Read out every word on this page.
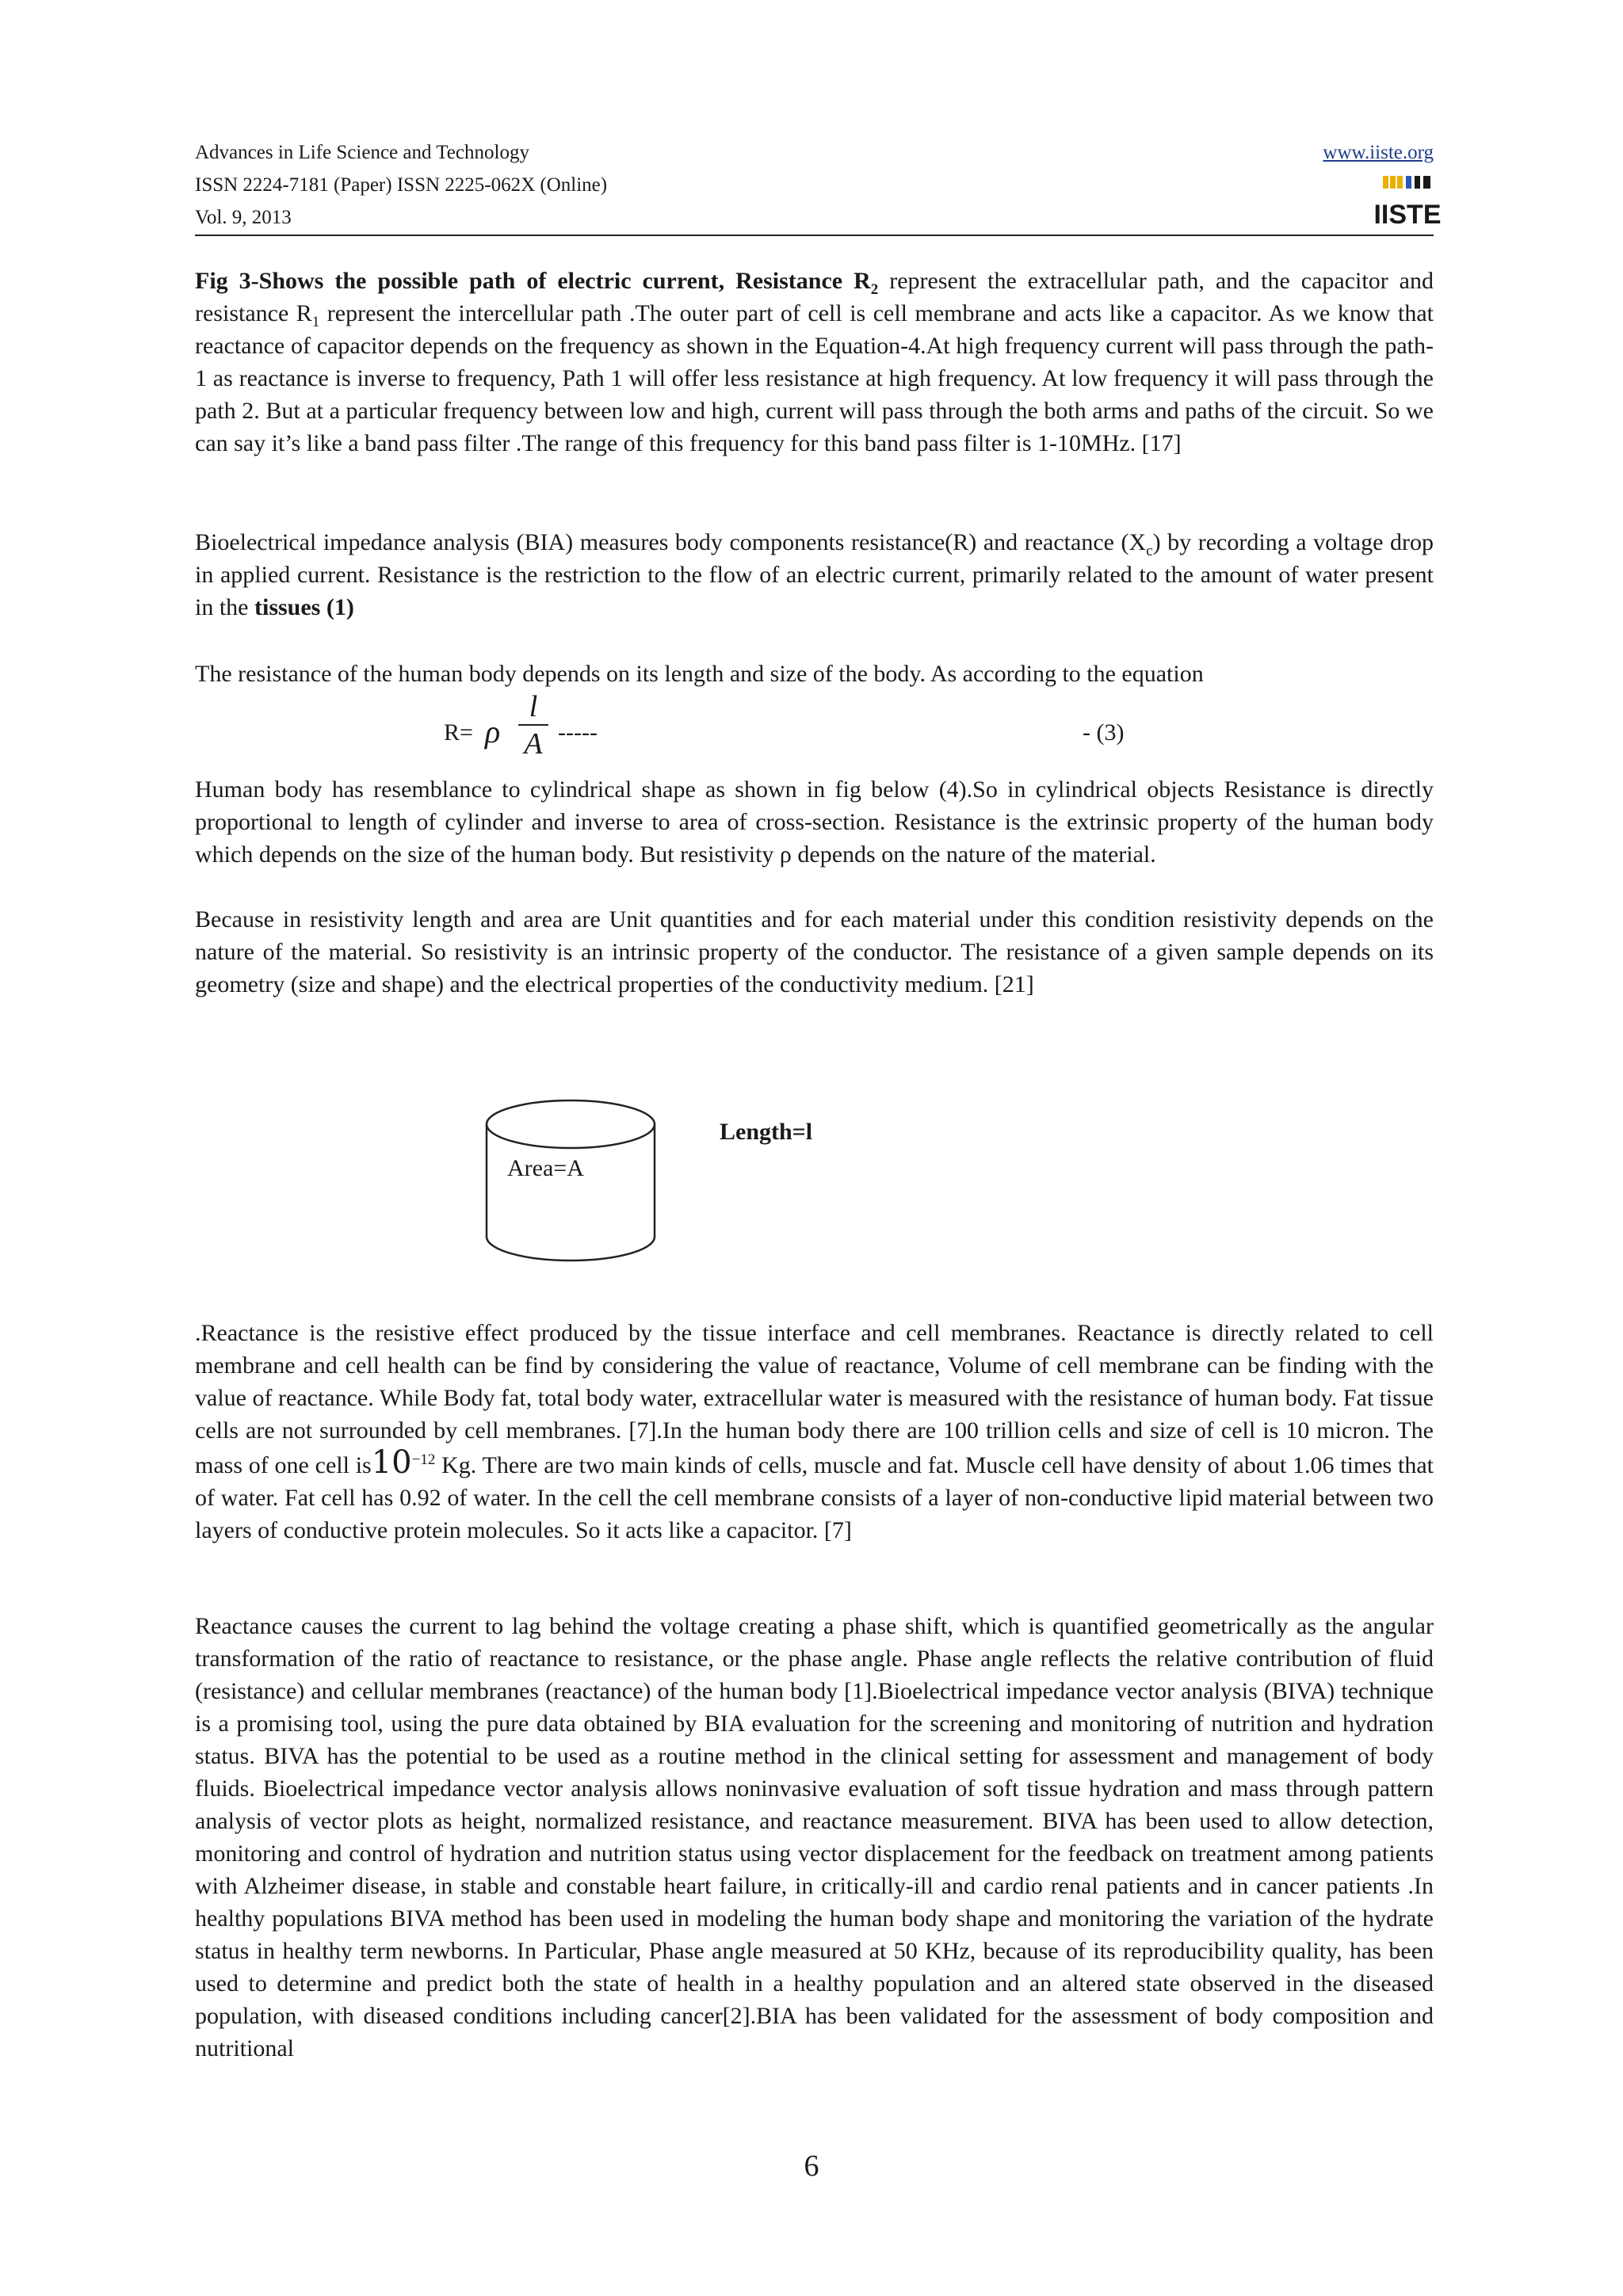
Advances in Life Science and Technology
ISSN 2224-7181 (Paper) ISSN 2225-062X (Online)
Vol. 9, 2013
www.iiste.org
IISTE
Fig 3-Shows the possible path of electric current, Resistance $R_2$ represent the extracellular path, and the capacitor and resistance $R_1$ represent the intercellular path .The outer part of cell is cell membrane and acts like a capacitor. As we know that reactance of capacitor depends on the frequency as shown in the Equation-4.At high frequency current will pass through the path-1 as reactance is inverse to frequency, Path 1 will offer less resistance at high frequency. At low frequency it will pass through the path 2. But at a particular frequency between low and high, current will pass through the both arms and paths of the circuit. So we can say it’s like a band pass filter .The range of this frequency for this band pass filter is 1-10MHz. [17]
Bioelectrical impedance analysis (BIA) measures body components resistance(R) and reactance $(X_c)$ by recording a voltage drop in applied current. Resistance is the restriction to the flow of an electric current, primarily related to the amount of water present in the tissues (1)
The resistance of the human body depends on its length and size of the body. As according to the equation
R= ρ
l
A -----	- (3)
Human body has resemblance to cylindrical shape as shown in fig below (4).So in cylindrical objects Resistance is directly proportional to length of cylinder and inverse to area of cross-section. Resistance is the extrinsic property of the human body which depends on the size of the human body. But resistivity ρ depends on the nature of the material.
Because in resistivity length and area are Unit quantities and for each material under this condition resistivity depends on the nature of the material. So resistivity is an intrinsic property of the conductor. The resistance of a given sample depends on its geometry (size and shape) and the electrical properties of the conductivity medium. [21]
Area=A
Length=l
.Reactance is the resistive effect produced by the tissue interface and cell membranes. Reactance is directly related to cell membrane and cell health can be find by considering the value of reactance, Volume of cell membrane can be finding with the value of reactance. While Body fat, total body water, extracellular water is measured with the resistance of human body. Fat tissue cells are not surrounded by cell membranes. [7].In the human body there are 100 trillion cells and size of cell is 10 micron. The mass of one cell $is10^{-12}$ Kg. There are two main kinds of cells, muscle and fat. Muscle cell have density of about 1.06 times that of water. Fat cell has 0.92 of water. In the cell the cell membrane consists of a layer of non-conductive lipid material between two layers of conductive protein molecules. So it acts like a capacitor. [7]
Reactance causes the current to lag behind the voltage creating a phase shift, which is quantified geometrically as the angular transformation of the ratio of reactance to resistance, or the phase angle. Phase angle reflects the relative contribution of fluid (resistance) and cellular membranes (reactance) of the human body [1].Bioelectrical impedance vector analysis (BIVA) technique is a promising tool, using the pure data obtained by BIA evaluation for the screening and monitoring of nutrition and hydration status. BIVA has the potential to be used as a routine method in the clinical setting for assessment and management of body fluids. Bioelectrical impedance vector analysis allows noninvasive evaluation of soft tissue hydration and mass through pattern analysis of vector plots as height, normalized resistance, and reactance measurement. BIVA has been used to allow detection, monitoring and control of hydration and nutrition status using vector displacement for the feedback on treatment among patients with Alzheimer disease, in stable and constable heart failure, in critically-ill and cardio renal patients and in cancer patients .In healthy populations BIVA method has been used in modeling the human body shape and monitoring the variation of the hydrate status in healthy term newborns. In Particular, Phase angle measured at 50 KHz, because of its reproducibility quality, has been used to determine and predict both the state of health in a healthy population and an altered state observed in the diseased population, with diseased conditions including cancer[2].BIA has been validated for the assessment of body composition and nutritional
6
